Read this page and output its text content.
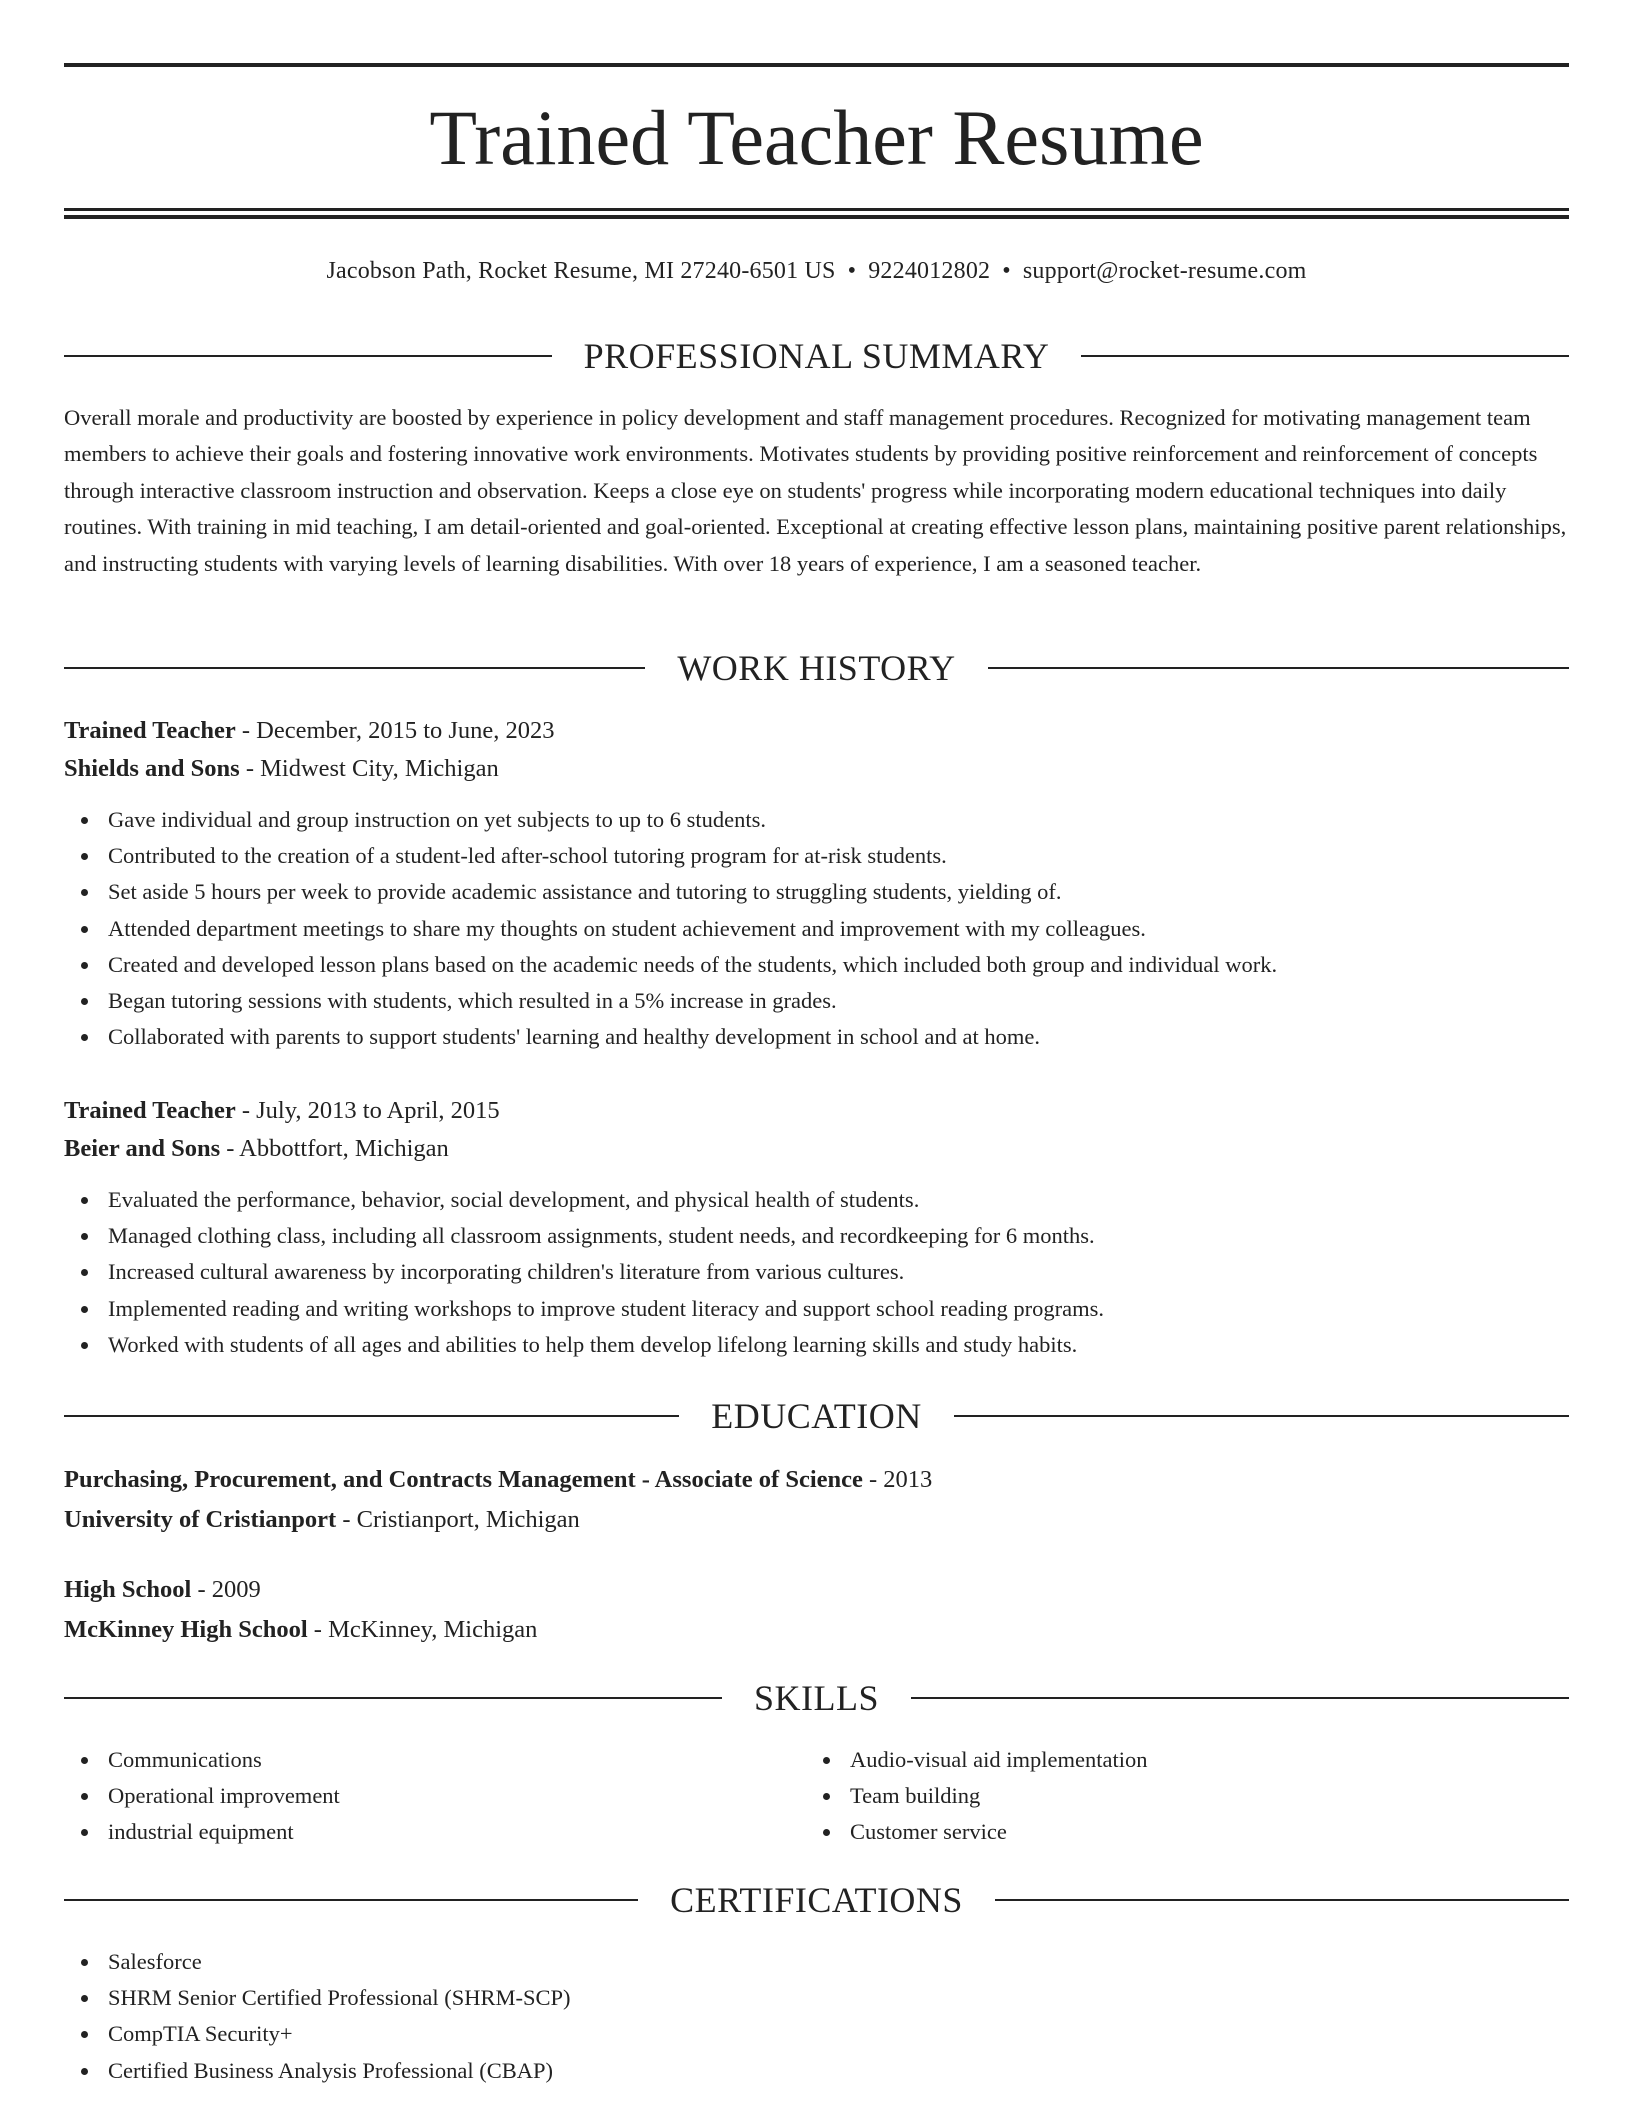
Trained Teacher Resume
Jacobson Path, Rocket Resume, MI 27240-6501 US • 9224012802 • support@rocket-resume.com
PROFESSIONAL SUMMARY
Overall morale and productivity are boosted by experience in policy development and staff management procedures. Recognized for motivating management team members to achieve their goals and fostering innovative work environments. Motivates students by providing positive reinforcement and reinforcement of concepts through interactive classroom instruction and observation. Keeps a close eye on students' progress while incorporating modern educational techniques into daily routines. With training in mid teaching, I am detail-oriented and goal-oriented. Exceptional at creating effective lesson plans, maintaining positive parent relationships, and instructing students with varying levels of learning disabilities. With over 18 years of experience, I am a seasoned teacher.
WORK HISTORY
Trained Teacher - December, 2015 to June, 2023
Shields and Sons - Midwest City, Michigan
Gave individual and group instruction on yet subjects to up to 6 students.
Contributed to the creation of a student-led after-school tutoring program for at-risk students.
Set aside 5 hours per week to provide academic assistance and tutoring to struggling students, yielding of.
Attended department meetings to share my thoughts on student achievement and improvement with my colleagues.
Created and developed lesson plans based on the academic needs of the students, which included both group and individual work.
Began tutoring sessions with students, which resulted in a 5% increase in grades.
Collaborated with parents to support students' learning and healthy development in school and at home.
Trained Teacher - July, 2013 to April, 2015
Beier and Sons - Abbottfort, Michigan
Evaluated the performance, behavior, social development, and physical health of students.
Managed clothing class, including all classroom assignments, student needs, and recordkeeping for 6 months.
Increased cultural awareness by incorporating children's literature from various cultures.
Implemented reading and writing workshops to improve student literacy and support school reading programs.
Worked with students of all ages and abilities to help them develop lifelong learning skills and study habits.
EDUCATION
Purchasing, Procurement, and Contracts Management - Associate of Science - 2013
University of Cristianport - Cristianport, Michigan
High School - 2009
McKinney High School - McKinney, Michigan
SKILLS
Communications
Operational improvement
industrial equipment
Audio-visual aid implementation
Team building
Customer service
CERTIFICATIONS
Salesforce
SHRM Senior Certified Professional (SHRM-SCP)
CompTIA Security+
Certified Business Analysis Professional (CBAP)
